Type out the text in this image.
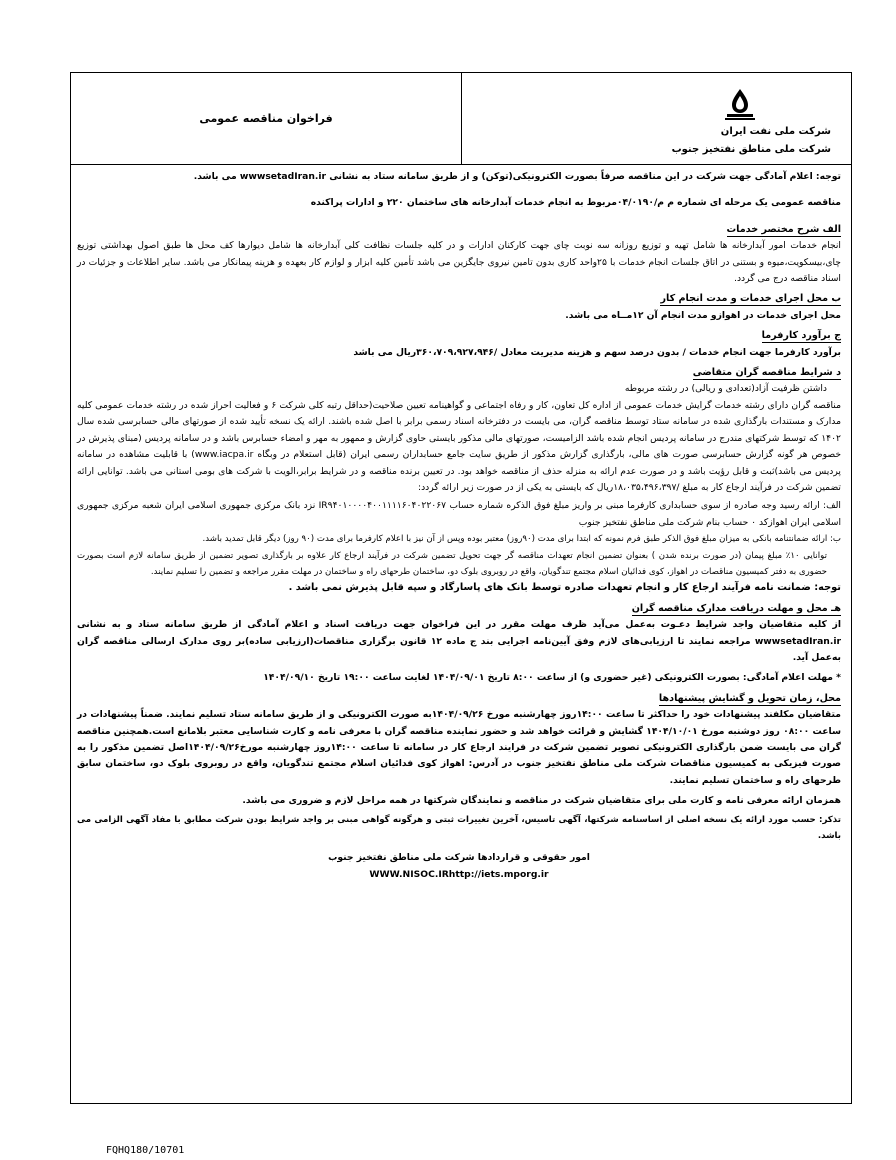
فراخوان مناقصه عمومی
شرکت ملی نفت ایران
شرکت ملی مناطق نفتخیز جنوب

توجه: اعلام آمادگی جهت شرکت در این مناقصه صرفاً بصورت الکترونیکی(توکن) و از طریق سامانه ستاد به نشانی wwwsetadIran.ir می باشد.

مناقصه عمومی یک مرحله ای شماره م م/۰۴/۰۱۹۰مربوط به انجام خدمات آبدارخانه های ساختمان ۲۲۰ و ادارات پراکنده

الف شرح مختصر خدمات

انجام خدمات امور آبدارخانه ها شامل تهیه و توزیع روزانه سه نوبت چای جهت کارکنان ادارات و در کلیه جلسات نظافت کلی آبدارخانه ها شامل دیوارها کف محل ها طبق اصول بهداشتی توزیع چای،بیسکویت،میوه و بستنی در اتاق جلسات انجام خدمات با ۲۵واحد کاری بدون تامین نیروی جایگزین می باشد تأمین کلیه ابزار و لوازم کار بعهده و هزینه پیمانکار می باشد. سایر اطلاعات و جزئیات در اسناد مناقصه درج می گردد.

ب محل اجرای خدمات و مدت انجام کار

محل اجرای خدمات در اهوازو مدت انجام آن ۱۲مــاه می باشد.

ج برآورد کارفرما

برآورد کارفرما جهت انجام خدمات / بدون درصد سهم و هزینه مدیریت معادل /۳۶۰،۷۰۹،۹۲۷،۹۴۶ریال می باشد

د شرایط مناقصه گران متقاضی

داشتن ظرفیت آزاد(تعدادی و ریالی) در رشته مربوطه

مناقصه گران دارای رشته خدمات گرایش خدمات عمومی از اداره کل تعاون، کار و رفاه اجتماعی و گواهینامه تعیین صلاحیت(حداقل رتبه کلی شرکت ۶ و فعالیت احراز شده در رشته خدمات عمومی کلیه مدارک و مستندات بارگذاری شده در سامانه ستاد توسط مناقصه گران، می بایست در دفترخانه اسناد رسمی برابر با اصل شده باشند. ارائه یک نسخه تأیید شده از صورتهای مالی حسابرسی شده سال ۱۴۰۲ که توسط شرکتهای مندرج در سامانه پردیس انجام شده باشد الزامیست، صورتهای مالی مذکور بایستی حاوی گزارش و ممهور به مهر و امضاء حسابرس باشد و در سامانه پردیس (مبنای پذیرش در خصوص هر گونه گزارش حسابرسی صورت های مالی، بارگذاری گزارش مذکور از طریق سایت جامع حسابداران رسمی ایران (قابل استعلام در وبگاه www.iacpa.ir) با قابلیت مشاهده در سامانه پردیس می باشد)ثبت و قابل رؤیت باشد و در صورت عدم ارائه به منزله حذف از مناقصه خواهد بود. در تعیین برنده مناقصه و در شرایط برابر،الویت با شرکت های بومی استانی می باشد. توانایی ارائه تضمین شرکت در فرآیند ارجاع کار به مبلغ /۱۸،۰۳۵،۴۹۶،۳۹۷ریال که بایستی به یکی از در صورت زیر ارائه گردد:

الف: ارائه رسید وجه صادره از سوی حسابداری کارفرما مبنی بر واریز مبلغ فوق الذکره شماره حساب IR۹۴۰۱۰۰۰۰۴۰۰۱۱۱۱۶۰۴۰۲۲۰۶۷ نزد بانک مرکزی جمهوری اسلامی ایران شعبه مرکزی جمهوری اسلامی ایران اهوازکد ۰ حساب بنام شرکت ملی مناطق نفتخیز جنوب

ب: ارائه ضمانتنامه بانکی به میزان مبلغ فوق الذکر طبق فرم نمونه که ابتدا برای مدت (۹۰روز) معتبر بوده وپس از آن نیز با اعلام کارفرما برای مدت (۹۰ روز) دیگر قابل تمدید باشد.

توانایی ۱۰٪ مبلغ پیمان (در صورت برنده شدن ) بعنوان تضمین انجام تعهدات مناقصه گر جهت تحویل تضمین شرکت در فرآیند ارجاع کار علاوه بر بارگذاری تصویر تضمین از طریق سامانه لازم است بصورت حضوری به دفتر کمیسیون مناقصات در اهواز، کوی فدائیان اسلام مجتمع تندگویان، واقع در روبروی بلوک دو، ساختمان طرحهای راه و ساختمان در مهلت مقرر مراجعه و تضمین را تسلیم نمایند.

توجه: ضمانت نامه فرآیند ارجاع کار و انجام تعهدات صادره توسط بانک های پاسارگاد و سپه قابل پذیرش نمی باشد .

هـ محل و مهلت دریافت مدارک مناقصه گران

از کلیه متقاضیان واجد شرایط دعـوت به‌عمل می‌آید ظرف مهلت مقرر در این فراخوان جهت دریافت اسناد و اعلام آمادگی از طریق سامانه ستاد و به نشانی wwwsetadIran.ir مراجعه نمایند تا ارزیابی‌های لازم وفق آیین‌نامه اجرایی بند ج ماده ۱۲ قانون برگزاری مناقصات(ارزیابی ساده)بر روی مدارک ارسالی مناقصه گران به‌عمل آید.

* مهلت اعلام آمادگی: بصورت الکترونیکی (غیر حضوری و) از ساعت ۸:۰۰ تاریخ ۱۴۰۴/۰۹/۰۱ لغایت ساعت ۱۹:۰۰ تاریخ ۱۴۰۴/۰۹/۱۰

محل، زمان تحویل و گشایش پیشنهادها

متقاضیان مکلفند پیشنهادات خود را حداکثر تا ساعت ۱۴:۰۰روز چهارشنبه مورخ ۱۴۰۴/۰۹/۲۶به صورت الکترونیکی و از طریق سامانه ستاد تسلیم نمایند. ضمناً پیشنهادات در ساعت ۰۸:۰۰ روز دوشنبه مورخ ۱۴۰۴/۱۰/۰۱ گشایش و قرائت خواهد شد و حضور نماینده مناقصه گران با معرفی نامه و کارت شناسایی معتبر بلامانع است.همچنین مناقصه گران می بایست ضمن بارگذاری الکترونیکی تصویر تضمین شرکت در فرایند ارجاع کار در سامانه تا ساعت ۱۴:۰۰روز چهارشنبه مورخ۱۴۰۴/۰۹/۲۶اصل تضمین مذکور را به صورت فیزیکی به کمیسیون مناقصات شرکت ملی مناطق نفتخیز جنوب در آدرس: اهواز کوی فدائیان اسلام مجتمع تندگویان، واقع در روبروی بلوک دو، ساختمان سابق طرحهای راه و ساختمان تسلیم نمایند.

همزمان ارائه معرفی نامه و کارت ملی برای متقاضیان شرکت در مناقصه و نمایندگان شرکتها در همه مراحل لازم و ضروری می باشد.

تذکر: حسب مورد ارائه یک نسخه اصلی از اساسنامه شرکتها، آگهی تاسیس، آخرین تغییرات ثبتی و هرگونه گواهی مبنی بر واجد شرایط بودن شرکت مطابق با مفاد آگهی الزامی می باشد.

امور حقوقی و قراردادها شرکت ملی مناطق نفتخیز جنوب

WWW.NISOC.IRhttp://iets.mporg.ir

FQHQ180/10701
